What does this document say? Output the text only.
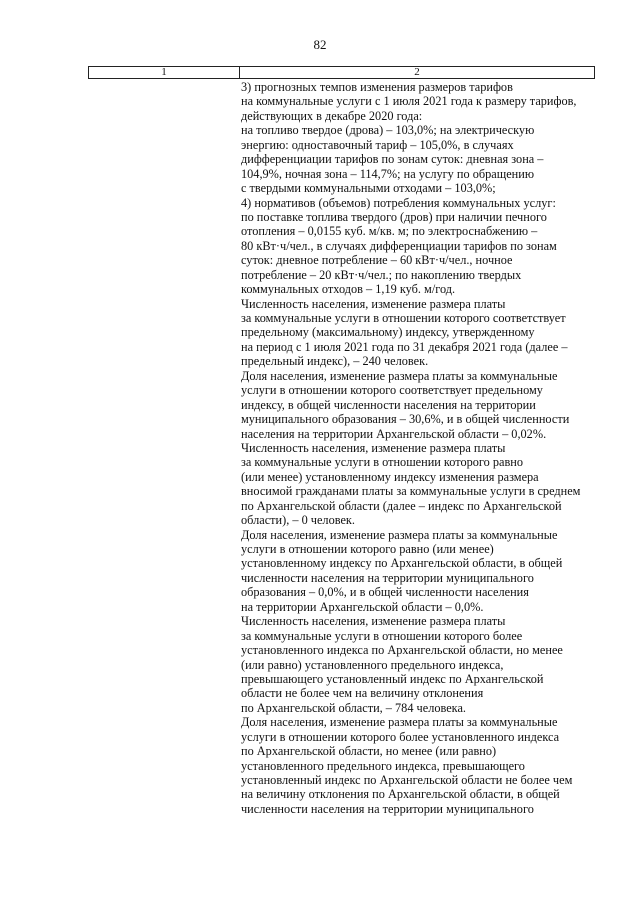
82
1	2
3) прогнозных темпов изменения размеров тарифов
на коммунальные услуги с 1 июля 2021 года к размеру тарифов,
действующих в декабре 2020 года:
на топливо твердое (дрова) – 103,0%; на электрическую
энергию: одноставочный тариф – 105,0%, в случаях
дифференциации тарифов по зонам суток: дневная зона –
104,9%, ночная зона – 114,7%; на услугу по обращению
с твердыми коммунальными отходами – 103,0%;
4) нормативов (объемов) потребления коммунальных услуг:
по поставке топлива твердого (дров) при наличии печного
отопления – 0,0155 куб. м/кв. м; по электроснабжению –
80 кВт·ч/чел., в случаях дифференциации тарифов по зонам
суток: дневное потребление – 60 кВт·ч/чел., ночное
потребление – 20 кВт·ч/чел.; по накоплению твердых
коммунальных отходов – 1,19 куб. м/год.
Численность населения, изменение размера платы
за коммунальные услуги в отношении которого соответствует
предельному (максимальному) индексу, утвержденному
на период с 1 июля 2021 года по 31 декабря 2021 года (далее –
предельный индекс), – 240 человек.
Доля населения, изменение размера платы за коммунальные
услуги в отношении которого соответствует предельному
индексу, в общей численности населения на территории
муниципального образования – 30,6%, и в общей численности
населения на территории Архангельской области – 0,02%.
Численность населения, изменение размера платы
за коммунальные услуги в отношении которого равно
(или менее) установленному индексу изменения размера
вносимой гражданами платы за коммунальные услуги в среднем
по Архангельской области (далее – индекс по Архангельской
области), – 0 человек.
Доля населения, изменение размера платы за коммунальные
услуги в отношении которого равно (или менее)
установленному индексу по Архангельской области, в общей
численности населения на территории муниципального
образования – 0,0%, и в общей численности населения
на территории Архангельской области – 0,0%.
Численность населения, изменение размера платы
за коммунальные услуги в отношении которого более
установленного индекса по Архангельской области, но менее
(или равно) установленного предельного индекса,
превышающего установленный индекс по Архангельской
области не более чем на величину отклонения
по Архангельской области, – 784 человека.
Доля населения, изменение размера платы за коммунальные
услуги в отношении которого более установленного индекса
по Архангельской области, но менее (или равно)
установленного предельного индекса, превышающего
установленный индекс по Архангельской области не более чем
на величину отклонения по Архангельской области, в общей
численности населения на территории муниципального
